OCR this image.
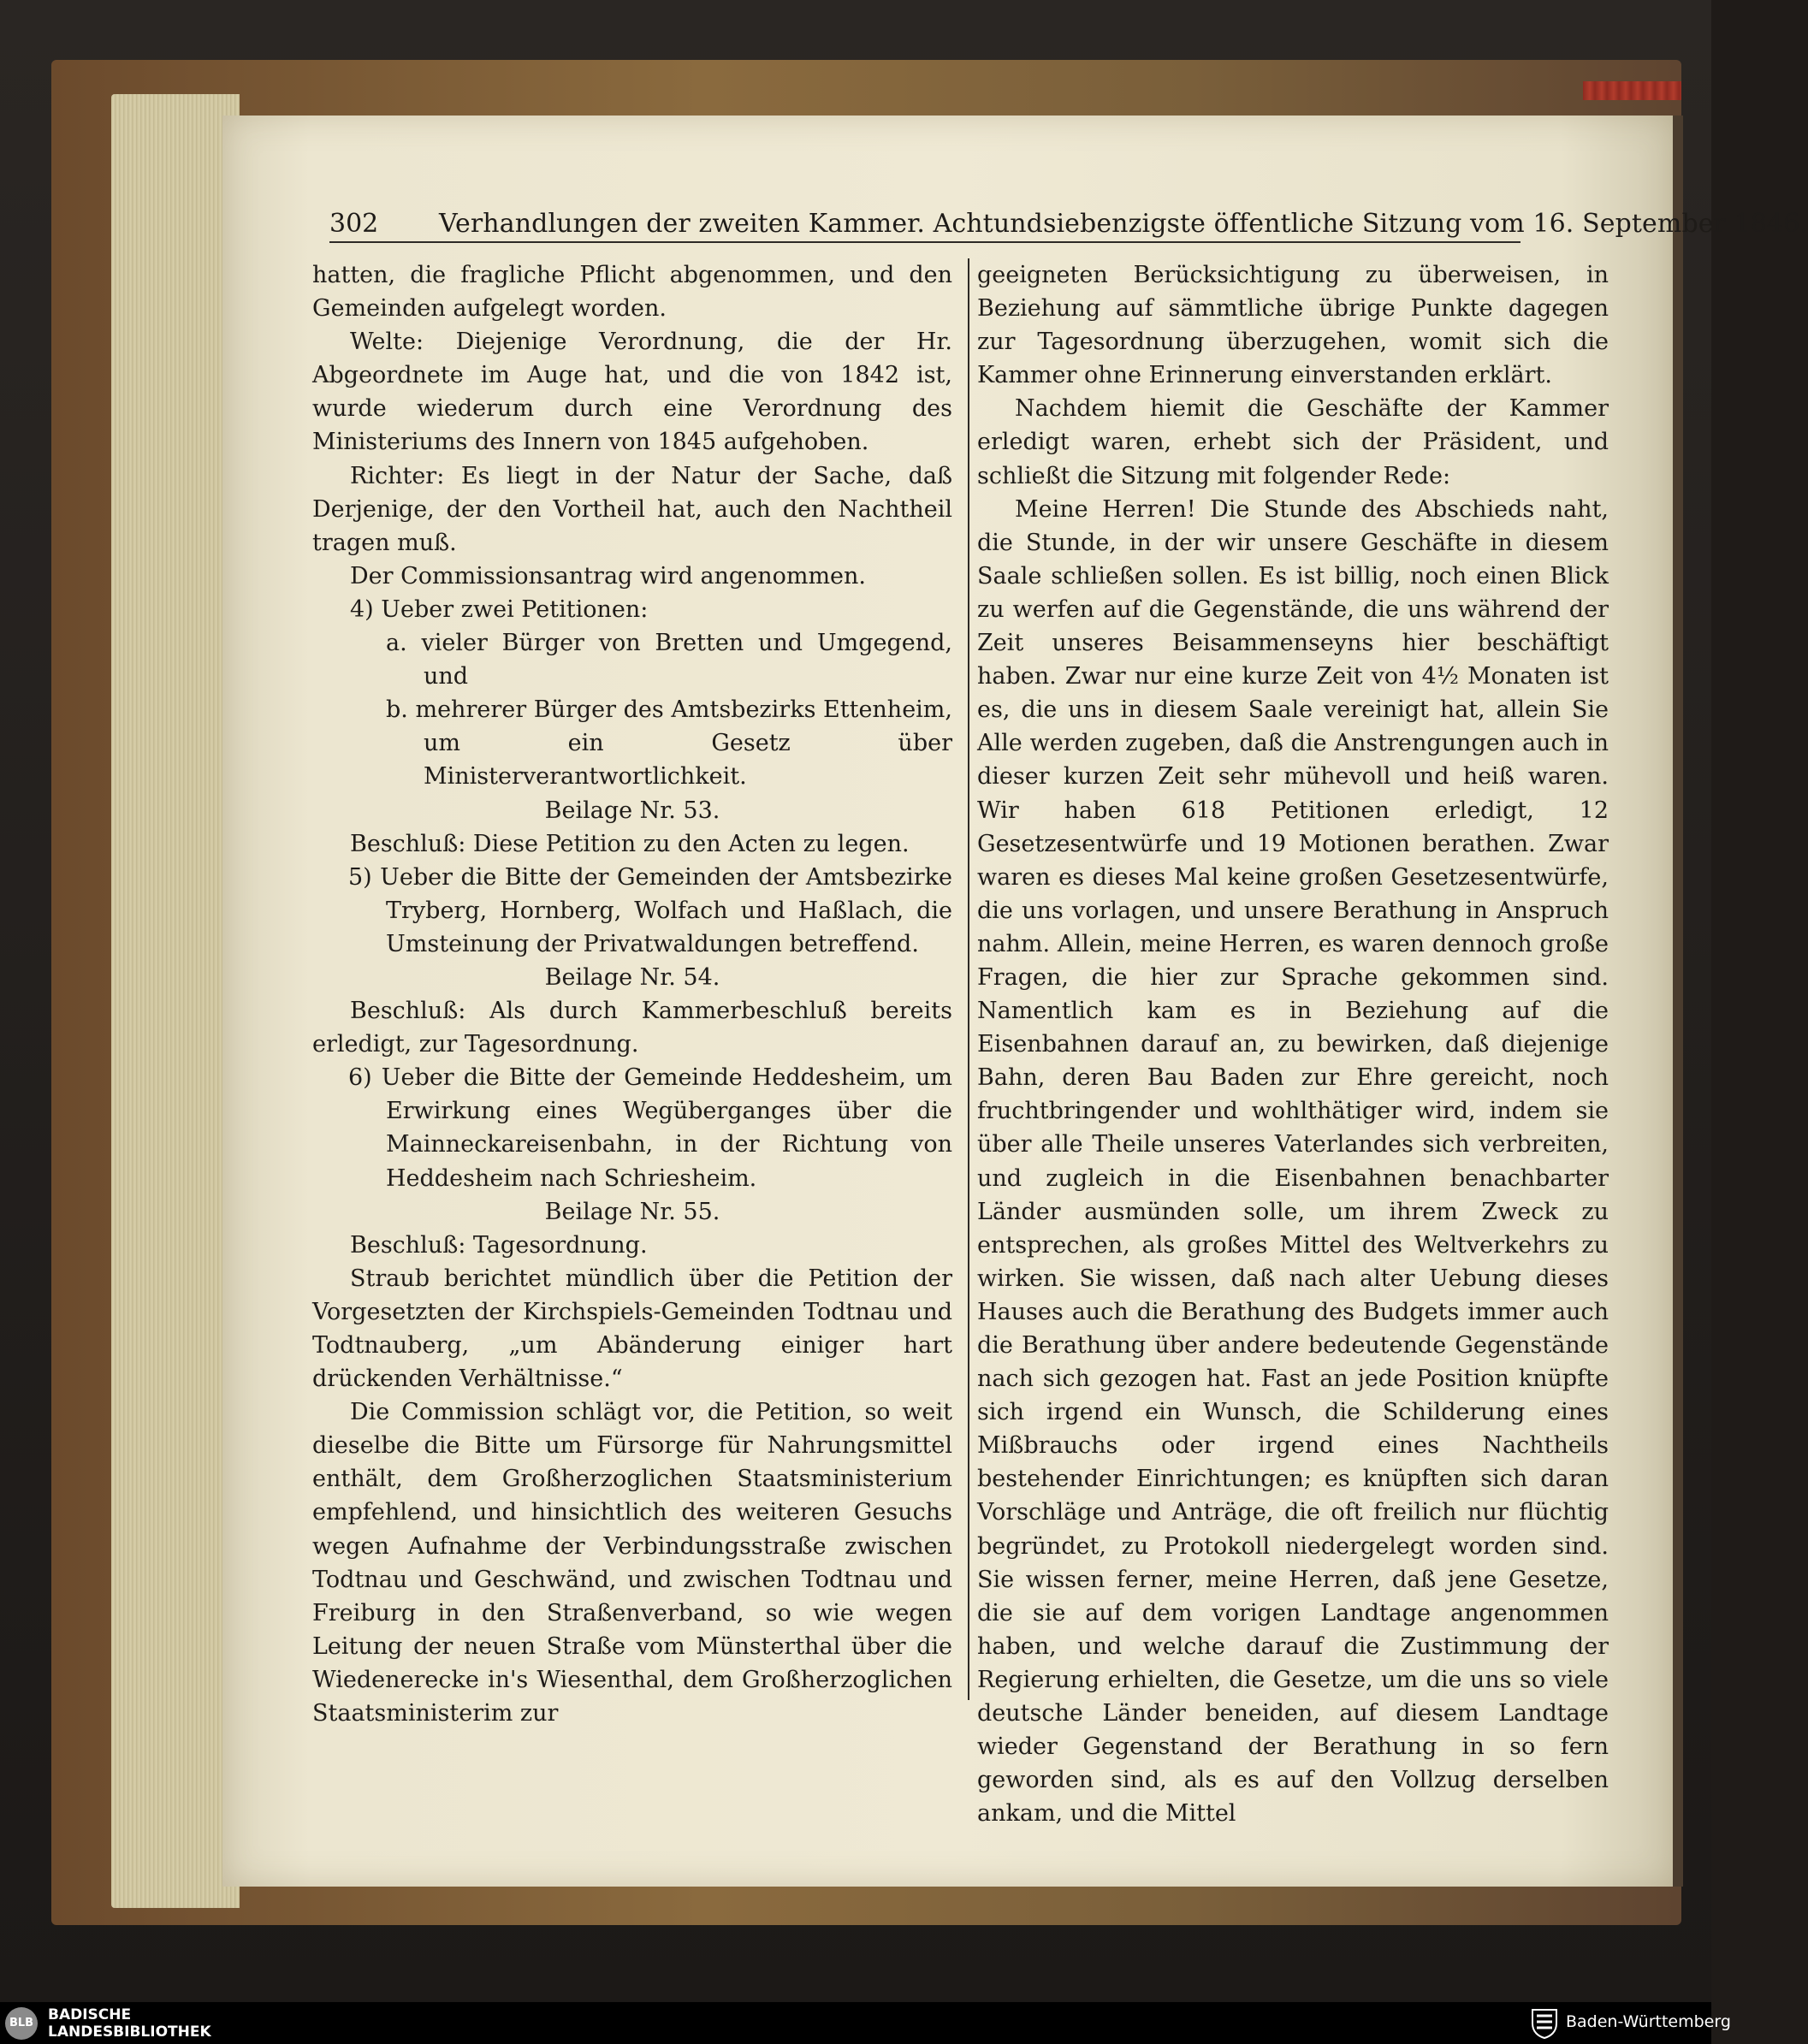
302 Verhandlungen der zweiten Kammer. Achtundsiebenzigste öffentliche Sitzung vom 16. September 1846.

hatten, die fragliche Pflicht abgenommen, und den Gemeinden aufgelegt worden.

Welte: Diejenige Verordnung, die der Hr. Abgeordnete im Auge hat, und die von 1842 ist, wurde wiederum durch eine Verordnung des Ministeriums des Innern von 1845 aufgehoben.

Richter: Es liegt in der Natur der Sache, daß Derjenige, der den Vortheil hat, auch den Nachtheil tragen muß.

Der Commissionsantrag wird angenommen.

4) Ueber zwei Petitionen:

a. vieler Bürger von Bretten und Umgegend, und

b. mehrerer Bürger des Amtsbezirks Ettenheim, um ein Gesetz über Ministerverantwortlichkeit.

Beilage Nr. 53.

Beschluß: Diese Petition zu den Acten zu legen.

5) Ueber die Bitte der Gemeinden der Amtsbezirke Tryberg, Hornberg, Wolfach und Haßlach, die Umsteinung der Privatwaldungen betreffend.

Beilage Nr. 54.

Beschluß: Als durch Kammerbeschluß bereits erledigt, zur Tagesordnung.

6) Ueber die Bitte der Gemeinde Heddesheim, um Erwirkung eines Wegüberganges über die Mainneckareisenbahn, in der Richtung von Heddesheim nach Schriesheim.

Beilage Nr. 55.

Beschluß: Tagesordnung.

Straub berichtet mündlich über die Petition der Vorgesetzten der Kirchspiels-Gemeinden Todtnau und Todtnauberg, „um Abänderung einiger hart drückenden Verhältnisse.“

Die Commission schlägt vor, die Petition, so weit dieselbe die Bitte um Fürsorge für Nahrungsmittel enthält, dem Großherzoglichen Staatsministerium empfehlend, und hinsichtlich des weiteren Gesuchs wegen Aufnahme der Verbindungsstraße zwischen Todtnau und Geschwänd, und zwischen Todtnau und Freiburg in den Straßenverband, so wie wegen Leitung der neuen Straße vom Münsterthal über die Wiedenerecke in's Wiesenthal, dem Großherzoglichen Staatsministerim zur

geeigneten Berücksichtigung zu überweisen, in Beziehung auf sämmtliche übrige Punkte dagegen zur Tagesordnung überzugehen, womit sich die Kammer ohne Erinnerung einverstanden erklärt.

Nachdem hiemit die Geschäfte der Kammer erledigt waren, erhebt sich der Präsident, und schließt die Sitzung mit folgender Rede:

Meine Herren! Die Stunde des Abschieds naht, die Stunde, in der wir unsere Geschäfte in diesem Saale schließen sollen. Es ist billig, noch einen Blick zu werfen auf die Gegenstände, die uns während der Zeit unseres Beisammenseyns hier beschäftigt haben. Zwar nur eine kurze Zeit von 4½ Monaten ist es, die uns in diesem Saale vereinigt hat, allein Sie Alle werden zugeben, daß die Anstrengungen auch in dieser kurzen Zeit sehr mühevoll und heiß waren. Wir haben 618 Petitionen erledigt, 12 Gesetzesentwürfe und 19 Motionen berathen. Zwar waren es dieses Mal keine großen Gesetzesentwürfe, die uns vorlagen, und unsere Berathung in Anspruch nahm. Allein, meine Herren, es waren dennoch große Fragen, die hier zur Sprache gekommen sind. Namentlich kam es in Beziehung auf die Eisenbahnen darauf an, zu bewirken, daß diejenige Bahn, deren Bau Baden zur Ehre gereicht, noch fruchtbringender und wohlthätiger wird, indem sie über alle Theile unseres Vaterlandes sich verbreiten, und zugleich in die Eisenbahnen benachbarter Länder ausmünden solle, um ihrem Zweck zu entsprechen, als großes Mittel des Weltverkehrs zu wirken. Sie wissen, daß nach alter Uebung dieses Hauses auch die Berathung des Budgets immer auch die Berathung über andere bedeutende Gegenstände nach sich gezogen hat. Fast an jede Position knüpfte sich irgend ein Wunsch, die Schilderung eines Mißbrauchs oder irgend eines Nachtheils bestehender Einrichtungen; es knüpften sich daran Vorschläge und Anträge, die oft freilich nur flüchtig begründet, zu Protokoll niedergelegt worden sind. Sie wissen ferner, meine Herren, daß jene Gesetze, die sie auf dem vorigen Landtage angenommen haben, und welche darauf die Zustimmung der Regierung erhielten, die Gesetze, um die uns so viele deutsche Länder beneiden, auf diesem Landtage wieder Gegenstand der Berathung in so fern geworden sind, als es auf den Vollzug derselben ankam, und die Mittel

BLB BADISCHE
LANDESBIBLIOTHEK
Baden-Württemberg
